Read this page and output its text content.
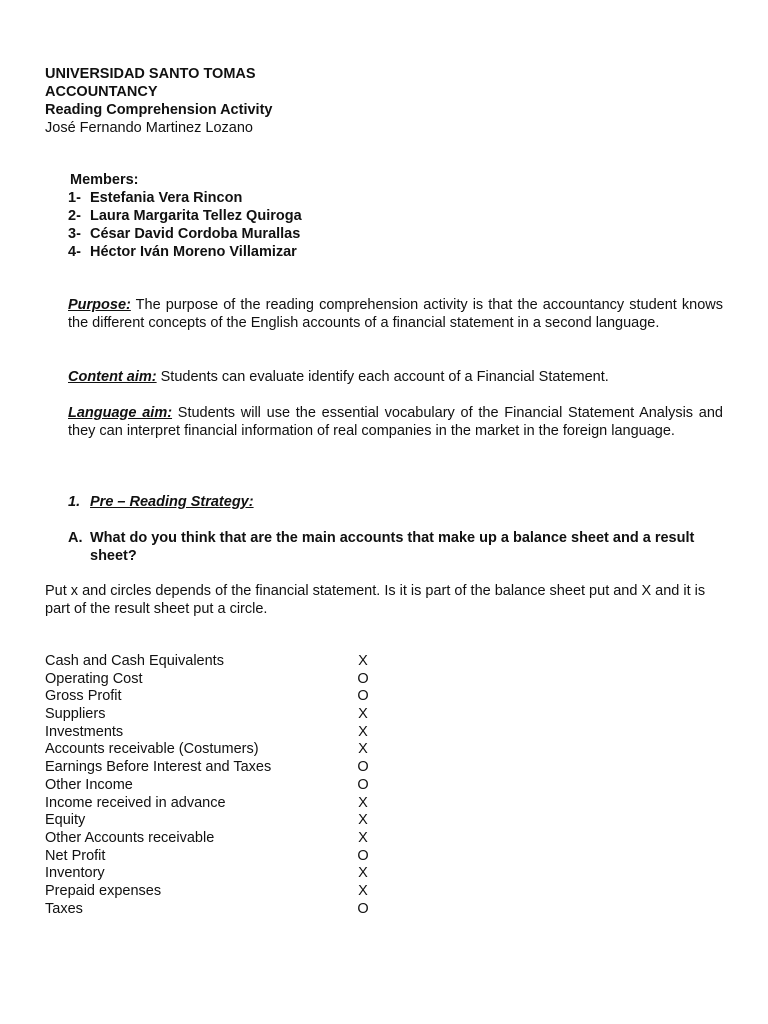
UNIVERSIDAD SANTO TOMAS
ACCOUNTANCY
Reading Comprehension Activity
José Fernando Martinez Lozano
Members:
1- Estefania Vera Rincon
2- Laura Margarita Tellez Quiroga
3- César David Cordoba Murallas
4- Héctor Iván Moreno Villamizar
Purpose: The purpose of the reading comprehension activity is that the accountancy student knows the different concepts of the English accounts of a financial statement in a second language.
Content aim: Students can evaluate identify each account of a Financial Statement.
Language aim: Students will use the essential vocabulary of the Financial Statement Analysis and they can interpret financial information of real companies in the market in the foreign language.
1. Pre – Reading Strategy:
A. What do you think that are the main accounts that make up a balance sheet and a result sheet?
Put x and circles depends of the financial statement. Is it is part of the balance sheet put and X and it is part of the result sheet put a circle.
Cash and Cash Equivalents	X
Operating Cost	O
Gross Profit	O
Suppliers	X
Investments	X
Accounts receivable (Costumers)	X
Earnings Before Interest and Taxes	O
Other Income	O
Income received in advance	X
Equity	X
Other Accounts receivable	X
Net Profit	O
Inventory	X
Prepaid expenses	X
Taxes	O
